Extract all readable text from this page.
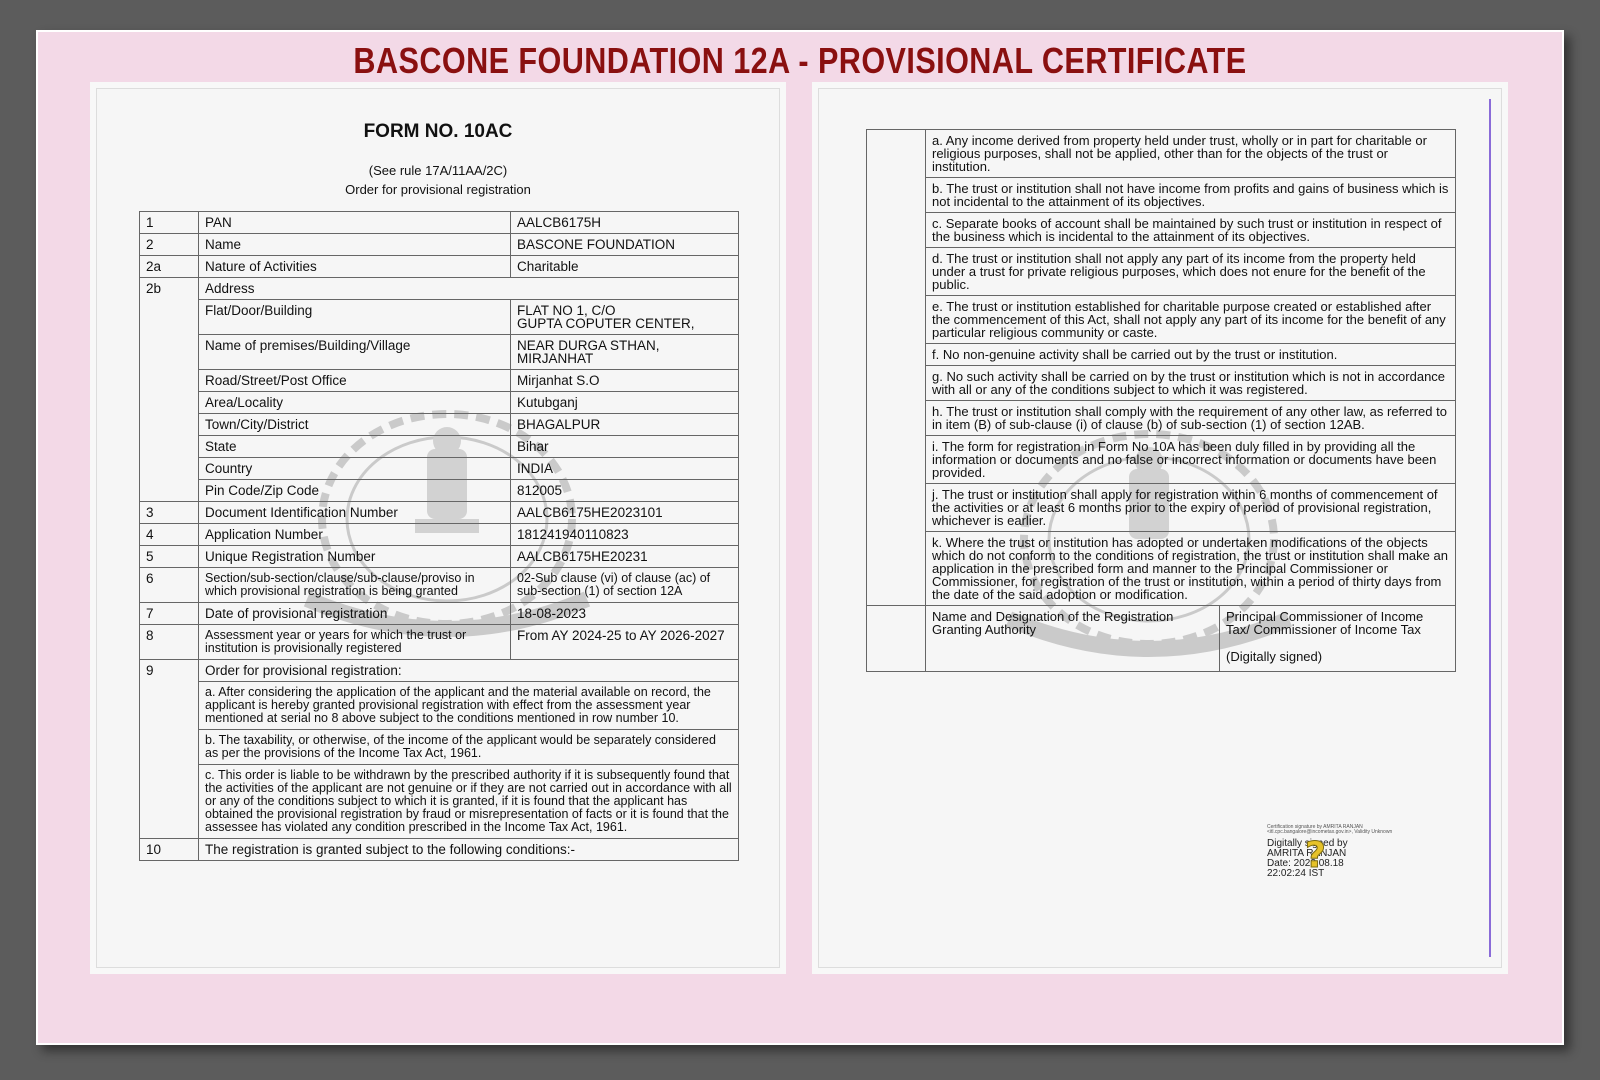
BASCONE FOUNDATION 12A - PROVISIONAL CERTIFICATE
FORM NO. 10AC
(See rule 17A/11AA/2C)
Order for provisional registration
1	PAN	AALCB6175H
2	Name	BASCONE FOUNDATION
2a	Nature of Activities	Charitable
2b	Address	
	Flat/Door/Building	FLAT NO 1, C/O
GUPTA COPUTER CENTER,
	Name of premises/Building/Village	NEAR DURGA STHAN,
MIRJANHAT
	Road/Street/Post Office	Mirjanhat S.O
	Area/Locality	Kutubganj
	Town/City/District	BHAGALPUR
	State	Bihar
	Country	INDIA
	Pin Code/Zip Code	812005
3	Document Identification Number	AALCB6175HE2023101
4	Application Number	181241940110823
5	Unique Registration Number	AALCB6175HE20231
6	Section/sub-section/clause/sub-clause/proviso in which provisional registration is being granted	02-Sub clause (vi) of clause (ac) of sub-section (1) of section 12A
7	Date of provisional registration	18-08-2023
8	Assessment year or years for which the trust or institution is provisionally registered	From AY 2024-25 to AY 2026-2027
9	Order for provisional registration:	
	a. After considering the application of the applicant and the material available on record, the applicant is hereby granted provisional registration with effect from the assessment year mentioned at serial no 8 above subject to the conditions mentioned in row number 10.	
	b. The taxability, or otherwise, of the income of the applicant would be separately considered as per the provisions of the Income Tax Act, 1961.	
	c. This order is liable to be withdrawn by the prescribed authority if it is subsequently found that the activities of the applicant are not genuine or if they are not carried out in accordance with all or any of the conditions subject to which it is granted, if it is found that the applicant has obtained the provisional registration by fraud or misrepresentation of facts or it is found that the assessee has violated any condition prescribed in the Income Tax Act, 1961.	
10	The registration is granted subject to the following conditions:-	
	a. Any income derived from property held under trust, wholly or in part for charitable or religious purposes, shall not be applied, other than for the objects of the trust or institution.	
	b. The trust or institution shall not have income from profits and gains of business which is not incidental to the attainment of its objectives.	
	c. Separate books of account shall be maintained by such trust or institution in respect of the business which is incidental to the attainment of its objectives.	
	d. The trust or institution shall not apply any part of its income from the property held under a trust for private religious purposes, which does not enure for the benefit of the public.	
	e. The trust or institution established for charitable purpose created or established after the commencement of this Act, shall not apply any part of its income for the benefit of any particular religious community or caste.	
	f. No non-genuine activity shall be carried out by the trust or institution.	
	g. No such activity shall be carried on by the trust or institution which is not in accordance with all or any of the conditions subject to which it was registered.	
	h. The trust or institution shall comply with the requirement of any other law, as referred to in item (B) of sub-clause (i) of clause (b) of sub-section (1) of section 12AB.	
	i. The form for registration in Form No 10A has been duly filled in by providing all the information or documents and no false or incorrect information or documents have been provided.	
	j. The trust or institution shall apply for registration within 6 months of commencement of the activities or at least 6 months prior to the expiry of period of provisional registration, whichever is earlier.	
	k. Where the trust or institution has adopted or undertaken modifications of the objects which do not conform to the conditions of registration, the trust or institution shall make an application in the prescribed form and manner to the Principal Commissioner or Commissioner, for registration of the trust or institution, within a period of thirty days from the date of the said adoption or modification.	
	Name and Designation of the Registration Granting Authority	Principal Commissioner of Income Tax/ Commissioner of Income Tax
(Digitally signed)
Certification signature by AMRITA RANJAN <itl.cpc.bangalore@incometax.gov.in>, Validity Unknown
?
Digitally signed by
AMRITA RANJAN
Date: 2023.08.18
22:02:24 IST
